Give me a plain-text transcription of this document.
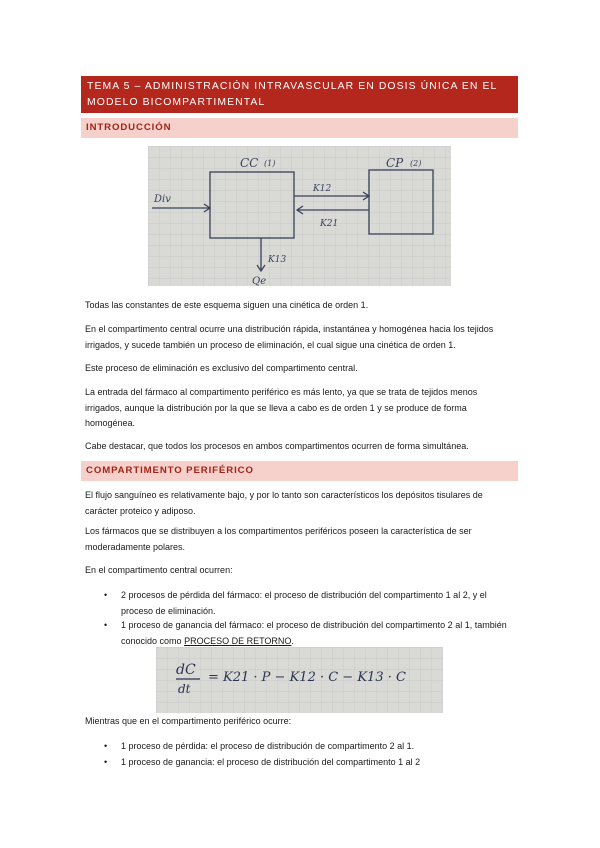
TEMA 5 – ADMINISTRACIÓN INTRAVASCULAR EN DOSIS ÚNICA EN EL MODELO BICOMPARTIMENTAL
INTRODUCCIÓN
CC (1)	CP (2)
Div
K12
K21
K13
Qe

Todas las constantes de este esquema siguen una cinética de orden 1.

En el compartimento central ocurre una distribución rápida, instantánea y homogénea hacia los tejidos irrigados, y sucede también un proceso de eliminación, el cual sigue una cinética de orden 1.

Este proceso de eliminación es exclusivo del compartimento central.

La entrada del fármaco al compartimento periférico es más lento, ya que se trata de tejidos menos irrigados, aunque la distribución por la que se lleva a cabo es de orden 1 y se produce de forma homogénea.

Cabe destacar, que todos los procesos en ambos compartimentos ocurren de forma simultánea.

COMPARTIMENTO PERIFÉRICO

El flujo sanguíneo es relativamente bajo, y por lo tanto son característicos los depósitos tisulares de carácter proteico y adiposo.

Los fármacos que se distribuyen a los compartimentos periféricos poseen la característica de ser moderadamente polares.

En el compartimento central ocurren:

• 2 procesos de pérdida del fármaco: el proceso de distribución del compartimento 1 al 2, y el proceso de eliminación.

• 1 proceso de ganancia del fármaco: el proceso de distribución del compartimento 2 al 1, también conocido como PROCESO DE RETORNO.

dC
dt
= K21 · P − K12 · C − K13 · C

Mientras que en el compartimento periférico ocurre:

• 1 proceso de pérdida: el proceso de distribución de compartimento 2 al 1.

• 1 proceso de ganancia: el proceso de distribución del compartimento 1 al 2
